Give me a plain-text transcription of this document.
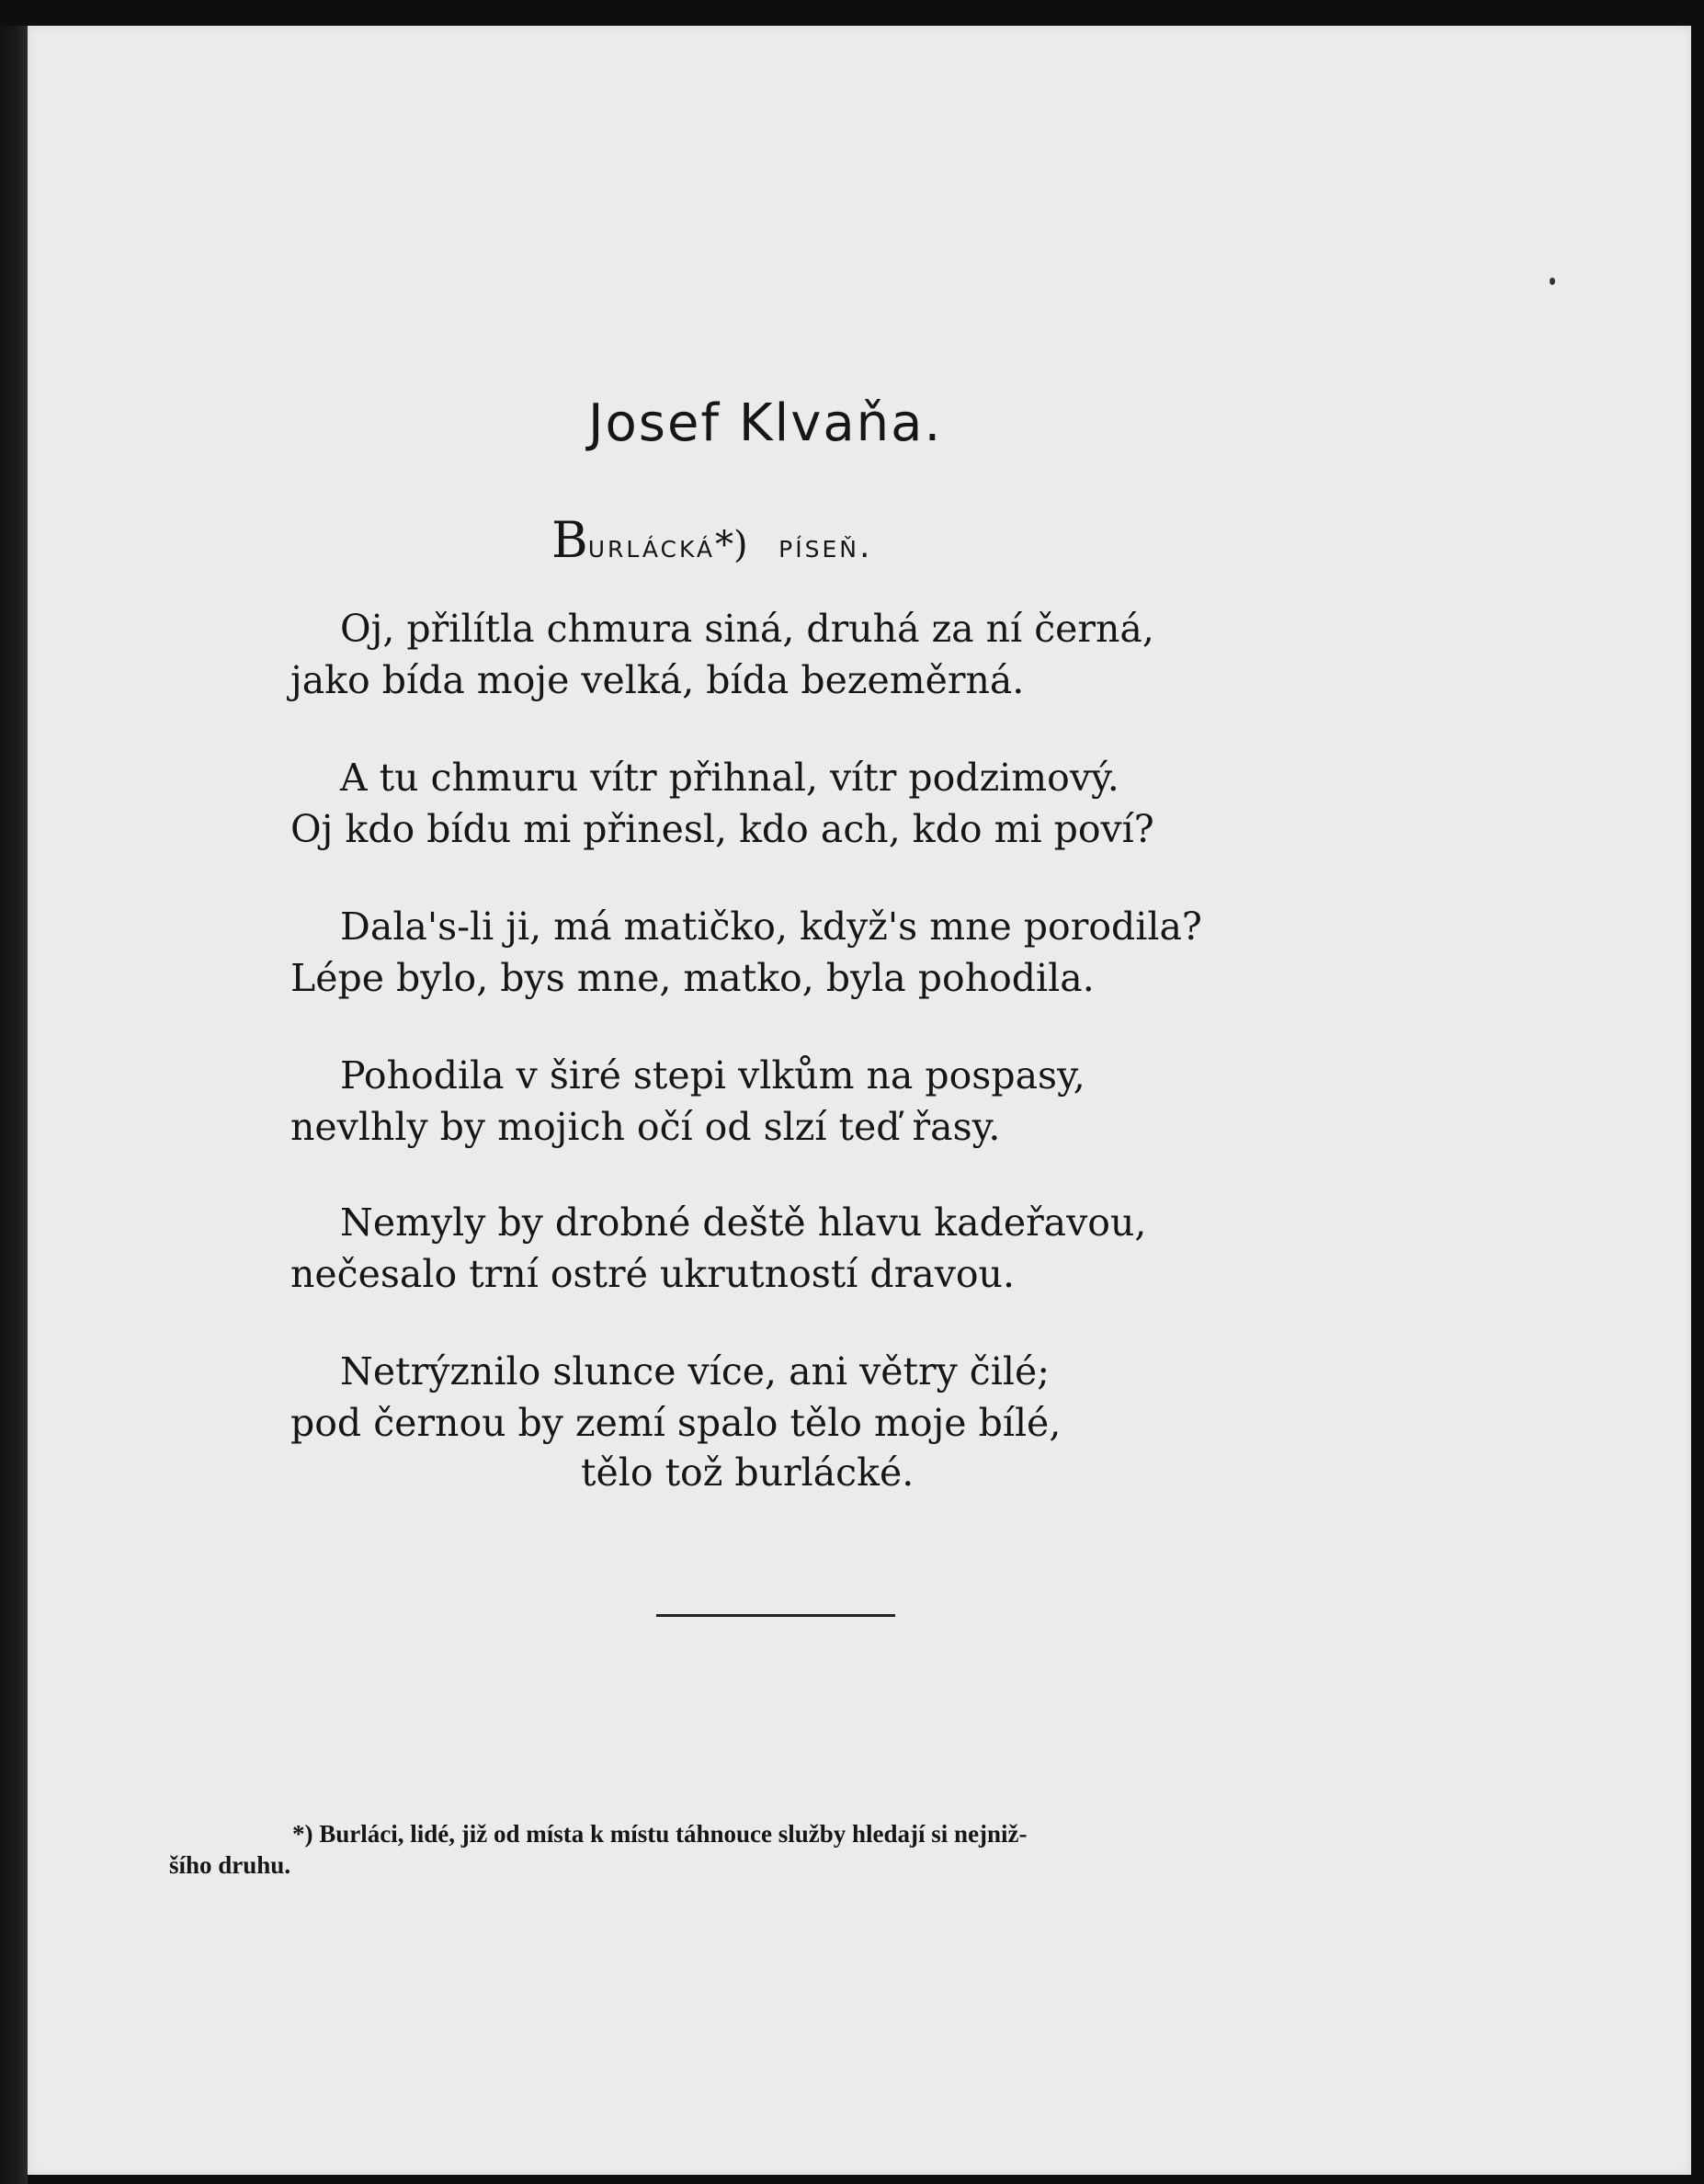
Josef Klvaňa.
Burlácká*) píseň.
Oj, přilítla chmura siná, druhá za ní černá,
jako bída moje velká, bída bezeměrná.
A tu chmuru vítr přihnal, vítr podzimový.
Oj kdo bídu mi přinesl, kdo ach, kdo mi poví?
Dala's-li ji, má matičko, když's mne porodila?
Lépe bylo, bys mne, matko, byla pohodila.
Pohodila v širé stepi vlkům na pospasy,
nevlhly by mojich očí od slzí teď řasy.
Nemyly by drobné deště hlavu kadeřavou,
nečesalo trní ostré ukrutností dravou.
Netrýznilo slunce více, ani větry čilé;
pod černou by zemí spalo tělo moje bílé,
tělo tož burlácké.
*) Burláci, lidé, již od místa k místu táhnouce služby hledají si nejniž-
šího druhu.
